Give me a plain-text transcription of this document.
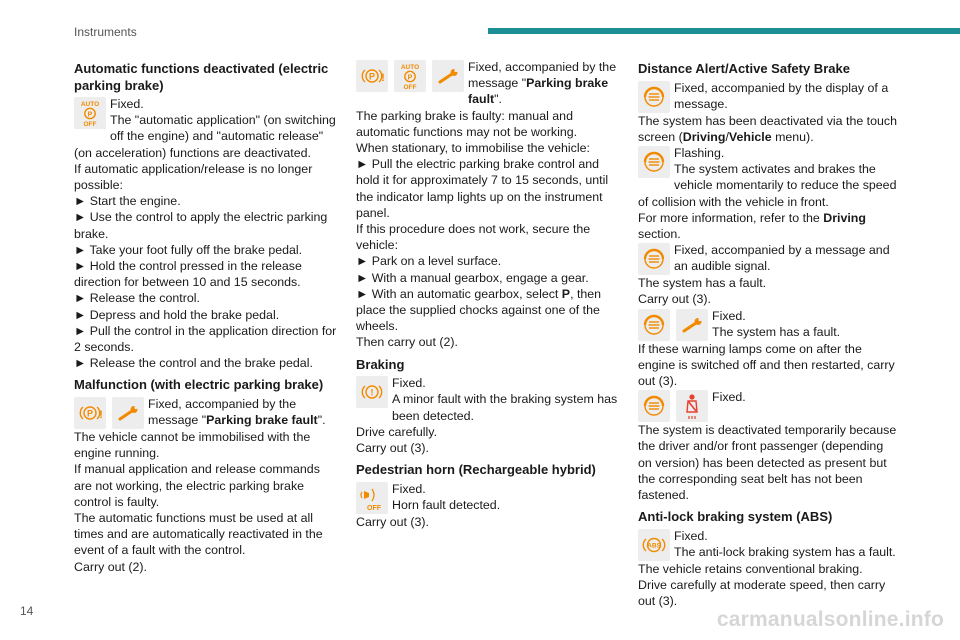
Instruments
Automatic functions deactivated (electric parking brake)
AUTO
P
OFF

Fixed.

The "automatic application" (on switching off the engine) and "automatic release" (on acceleration) functions are deactivated.

If automatic application/release is no longer possible:

► Start the engine.

► Use the control to apply the electric parking brake.

► Take your foot fully off the brake pedal.

► Hold the control pressed in the release direction for between 10 and 15 seconds.

► Release the control.

► Depress and hold the brake pedal.

► Pull the control in the application direction for 2 seconds.

► Release the control and the brake pedal.

Malfunction (with electric parking brake)
P !

Fixed, accompanied by the message "Parking brake fault".

The vehicle cannot be immobilised with the engine running.

If manual application and release commands are not working, the electric parking brake control is faulty.

The automatic functions must be used at all times and are automatically reactivated in the event of a fault with the control.

Carry out (2).

P !
AUTO
P
OFF

Fixed, accompanied by the message "Parking brake fault".

The parking brake is faulty: manual and automatic functions may not be working.

When stationary, to immobilise the vehicle:

► Pull the electric parking brake control and hold it for approximately 7 to 15 seconds, until the indicator lamp lights up on the instrument panel.

If this procedure does not work, secure the vehicle:

► Park on a level surface.

► With a manual gearbox, engage a gear.

► With an automatic gearbox, select P, then place the supplied chocks against one of the wheels.

Then carry out (2).

Braking
!

Fixed.

A minor fault with the braking system has been detected.

Drive carefully.

Carry out (3).

Pedestrian horn (Rechargeable hybrid)
OFF

Fixed.

Horn fault detected.

Carry out (3).

Distance Alert/Active Safety Brake

Fixed, accompanied by the display of a message.

The system has been deactivated via the touch screen (Driving/Vehicle menu).

Flashing.

The system activates and brakes the vehicle momentarily to reduce the speed of collision with the vehicle in front.

For more information, refer to the Driving section.

Fixed, accompanied by a message and an audible signal.

The system has a fault.

Carry out (3).

Fixed.

The system has a fault.

If these warning lamps come on after the engine is switched off and then restarted, carry out (3).

Fixed.

The system is deactivated temporarily because the driver and/or front passenger (depending on version) has been detected as present but the corresponding seat belt has not been fastened.

Anti-lock braking system (ABS)
ABS

Fixed.

The anti-lock braking system has a fault.

The vehicle retains conventional braking.

Drive carefully at moderate speed, then carry out (3).

14	carmanualsonline.info
